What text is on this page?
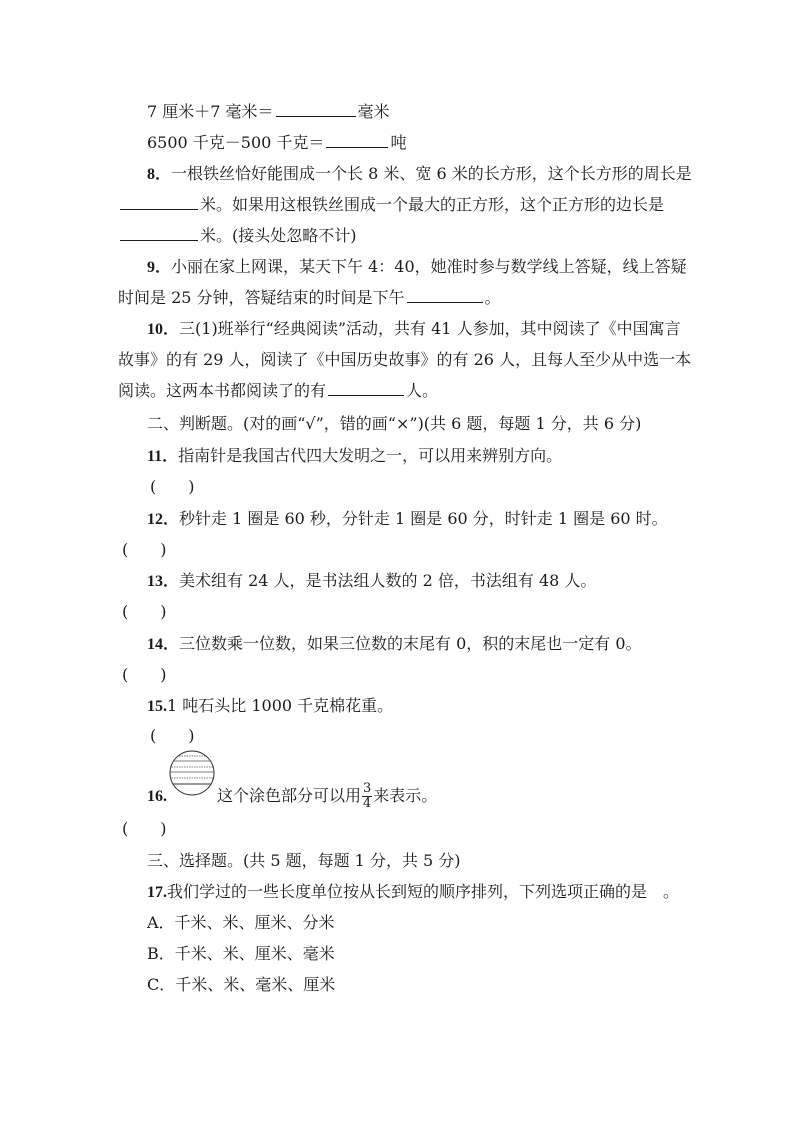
7 厘米＋7 毫米＝	毫米
6500 千克－500 千克＝	吨
8．一根铁丝恰好能围成一个长 8 米、宽 6 米的长方形，这个长方形的周长是
米。如果用这根铁丝围成一个最大的正方形，这个正方形的边长是
米。(接头处忽略不计)
9．小丽在家上网课，某天下午 4：40，她准时参与数学线上答疑，线上答疑
时间是 25 分钟，答疑结束的时间是下午	。
10．三(1)班举行“经典阅读”活动，共有 41 人参加，其中阅读了《中国寓言
故事》的有 29 人，阅读了《中国历史故事》的有 26 人，且每人至少从中选一本
阅读。这两本书都阅读了的有	人。
二、判断题。(对的画“√”，错的画“×”)(共 6 题，每题 1 分，共 6 分)
11．指南针是我国古代四大发明之一，可以用来辨别方向。
(　　)
12．秒针走 1 圈是 60 秒，分针走 1 圈是 60 分，时针走 1 圈是 60 时。
(　　)
13．美术组有 24 人，是书法组人数的 2 倍，书法组有 48 人。
(　　)
14．三位数乘一位数，如果三位数的末尾有 0，积的末尾也一定有 0。
(　　)
15.1 吨石头比 1000 千克棉花重。
(　　)
16.	这个涂色部分可以用 $\frac{3}{4}$ 来表示。
(　　)
三、选择题。(共 5 题，每题 1 分，共 5 分)
17.我们学过的一些长度单位按从长到短的顺序排列，下列选项正确的是　。
A．千米、米、厘米、分米
B．千米、米、厘米、毫米
C．千米、米、毫米、厘米
